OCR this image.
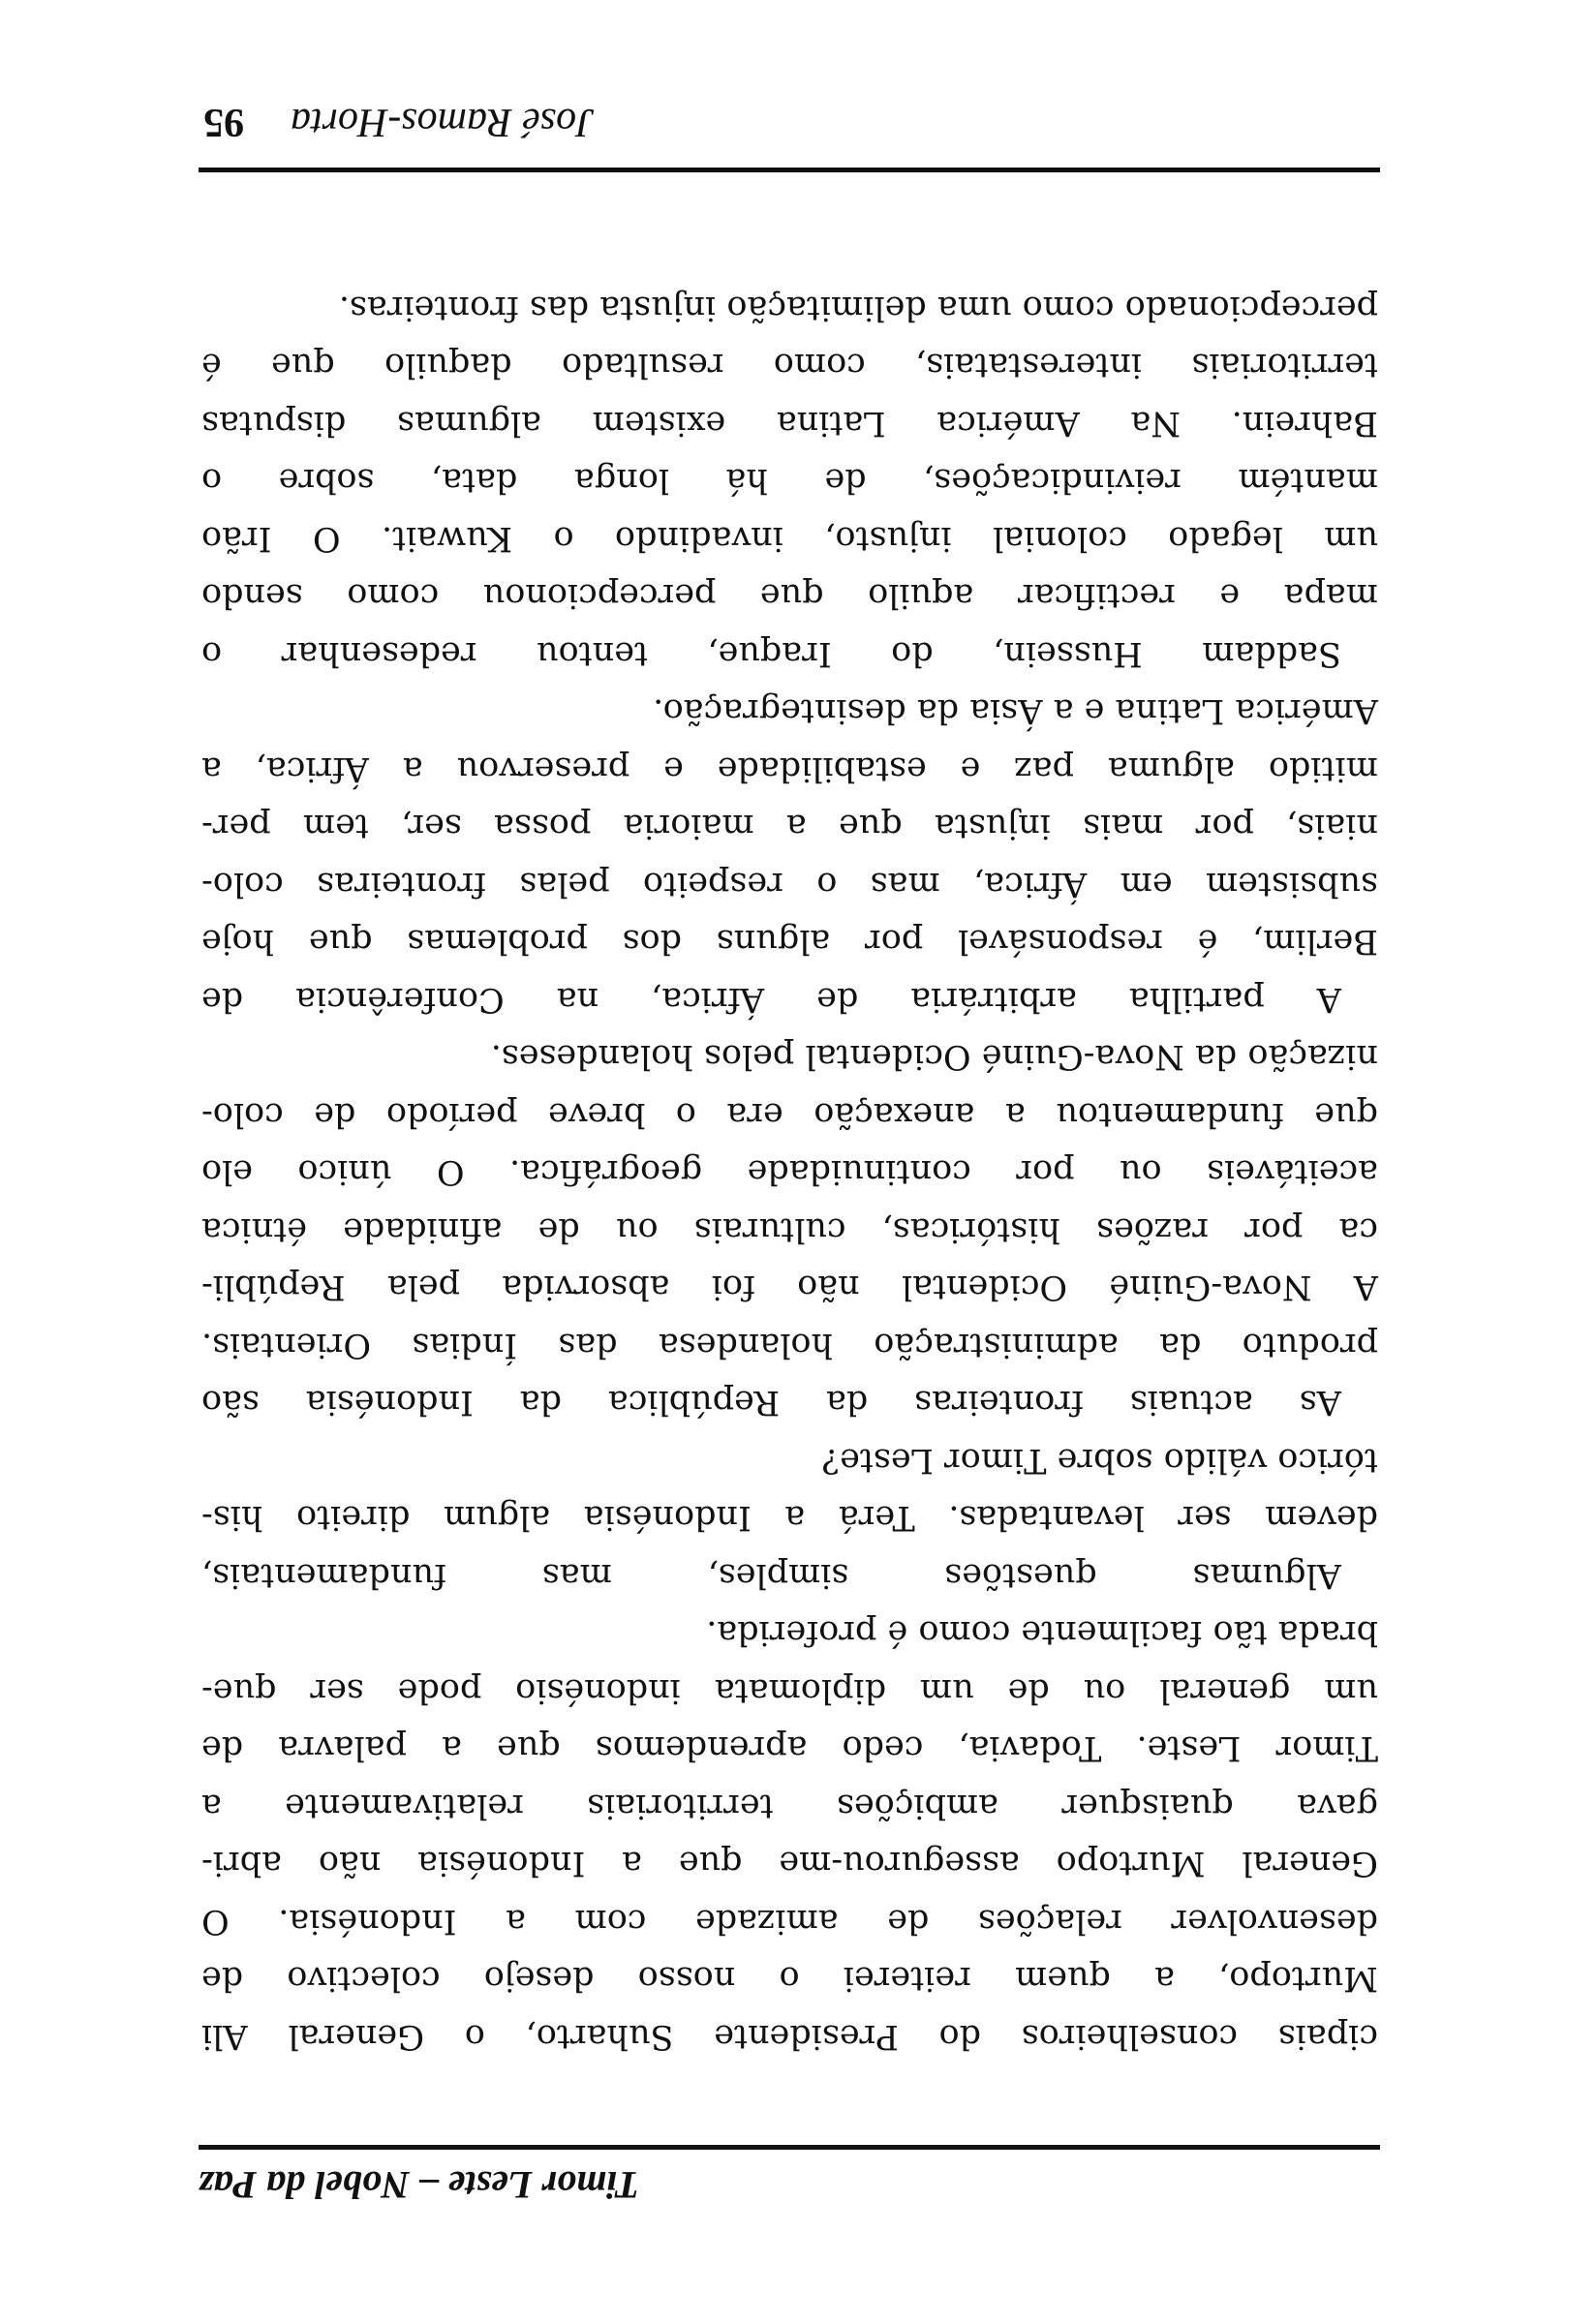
Timor Leste – Nobel da Paz
cipais conselheiros do Presidente Suharto, o General Ali
Murtopo, a quem reiterei o nosso desejo colectivo de
desenvolver relações de amizade com a Indonésia. O
General Murtopo assegurou-me que a Indonésia não abri-
gava quaisquer ambições territoriais relativamente a
Timor Leste. Todavia, cedo aprendemos que a palavra de
um general ou de um diplomata indonésio pode ser que-
brada tão facilmente como é proferida.
Algumas questões simples, mas fundamentais,
devem ser levantadas. Terá a Indonésia algum direito his-
tórico válido sobre Timor Leste?
As actuais fronteiras da República da Indonésia são
produto da administração holandesa das Índias Orientais.
A Nova-Guiné Ocidental não foi absorvida pela Repúbli-
ca por razões históricas, culturais ou de afinidade étnica
aceitáveis ou por continuidade geográfica. O único elo
que fundamentou a anexação era o breve período de colo-
nização da Nova-Guiné Ocidental pelos holandeses.
A partilha arbitrária de África, na Conferência de
Berlim, é responsável por alguns dos problemas que hoje
subsistem em África, mas o respeito pelas fronteiras colo-
niais, por mais injusta que a maioria possa ser, tem per-
mitido alguma paz e estabilidade e preservou a África, a
América Latina e a Ásia da desintegração.
Saddam Hussein, do Iraque, tentou redesenhar o
mapa e rectificar aquilo que percepcionou como sendo
um legado colonial injusto, invadindo o Kuwait. O Irão
mantém reivindicações, de há longa data, sobre o
Bahrein. Na América Latina existem algumas disputas
territoriais interestatais, como resultado daquilo que é
percepcionado como uma delimitação injusta das fronteiras.
José Ramos-Horta
95
